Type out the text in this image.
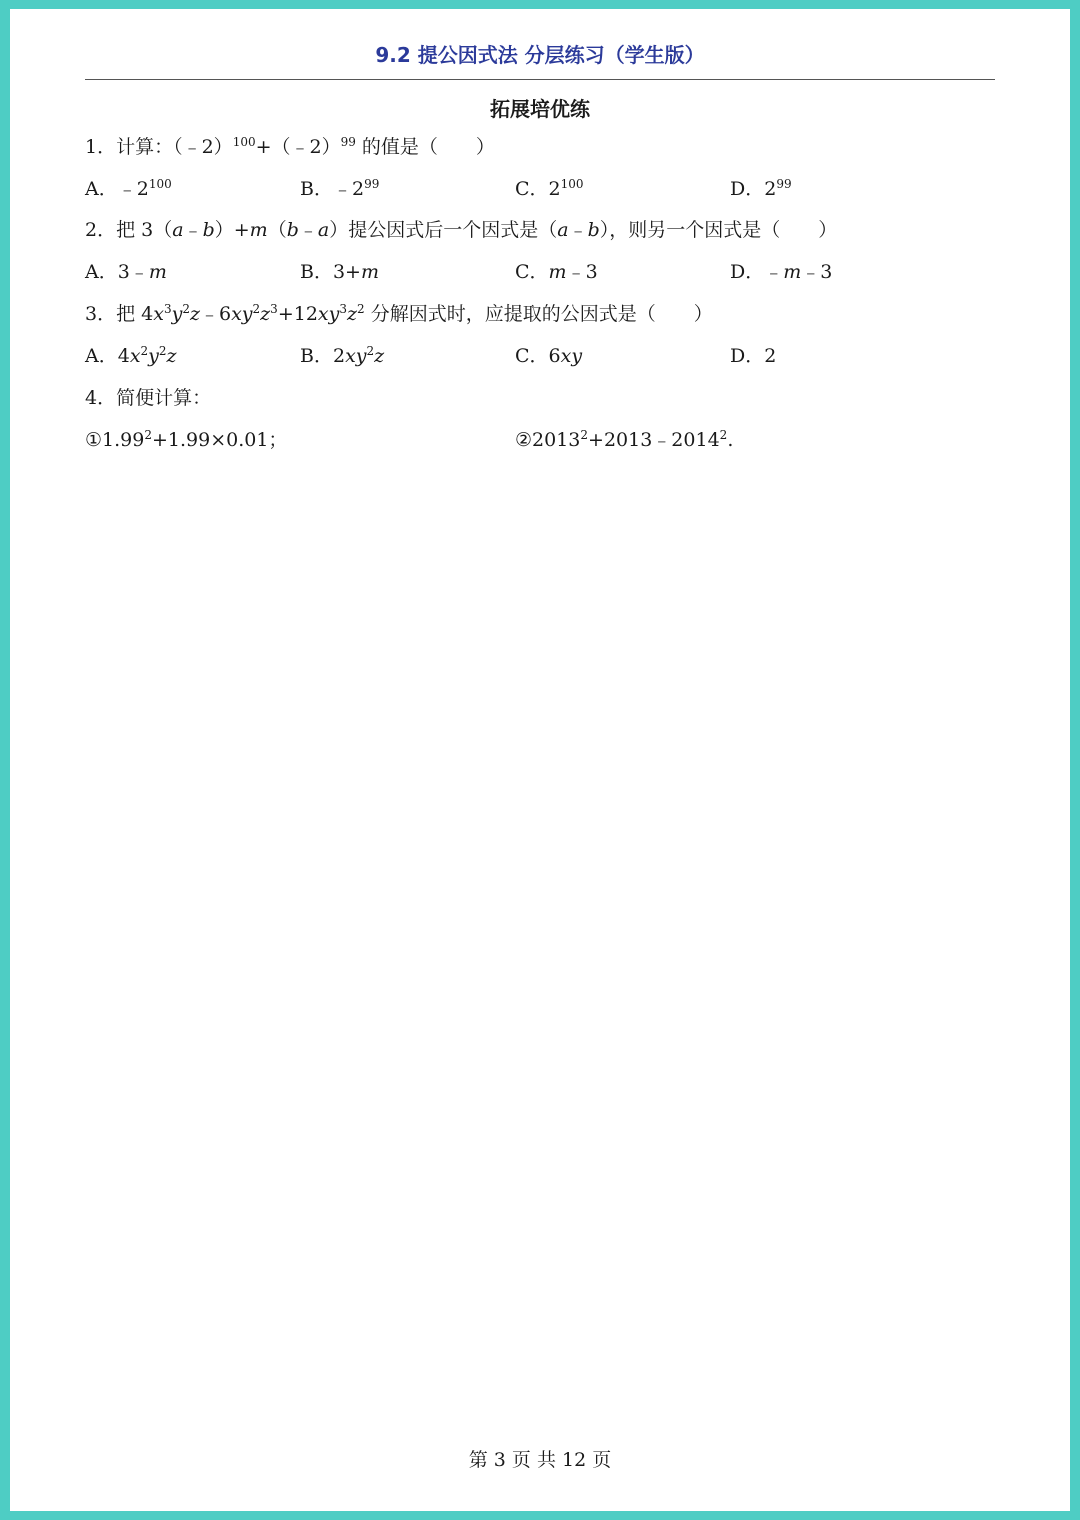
9.2 提公因式法 分层练习（学生版）
拓展培优练
1．计算：（﹣2）$^{100}$+（﹣2）$^{99}$ 的值是（　　）
A．$﹣2^{100}$	B．$﹣2^{99}$	C．$2^{100}$	D．$2^{99}$
2．把 3（a﹣b）+m（b﹣a）提公因式后一个因式是（a﹣b），则另一个因式是（　　）
A．3﹣m	B．3+m	C．m﹣3	D．﹣m﹣3
3．把 $4x^3y^2z﹣6xy^2z^3+12xy^3z^2$ 分解因式时，应提取的公因式是（　　）
A．$4x^2y^2z$	B．$2xy^2z$	C．6xy	D．2
4．简便计算：
$①1.99^2+1.99\times 0.01$；	$②2013^2+2013﹣2014^2$.
第 3 页 共 12 页
